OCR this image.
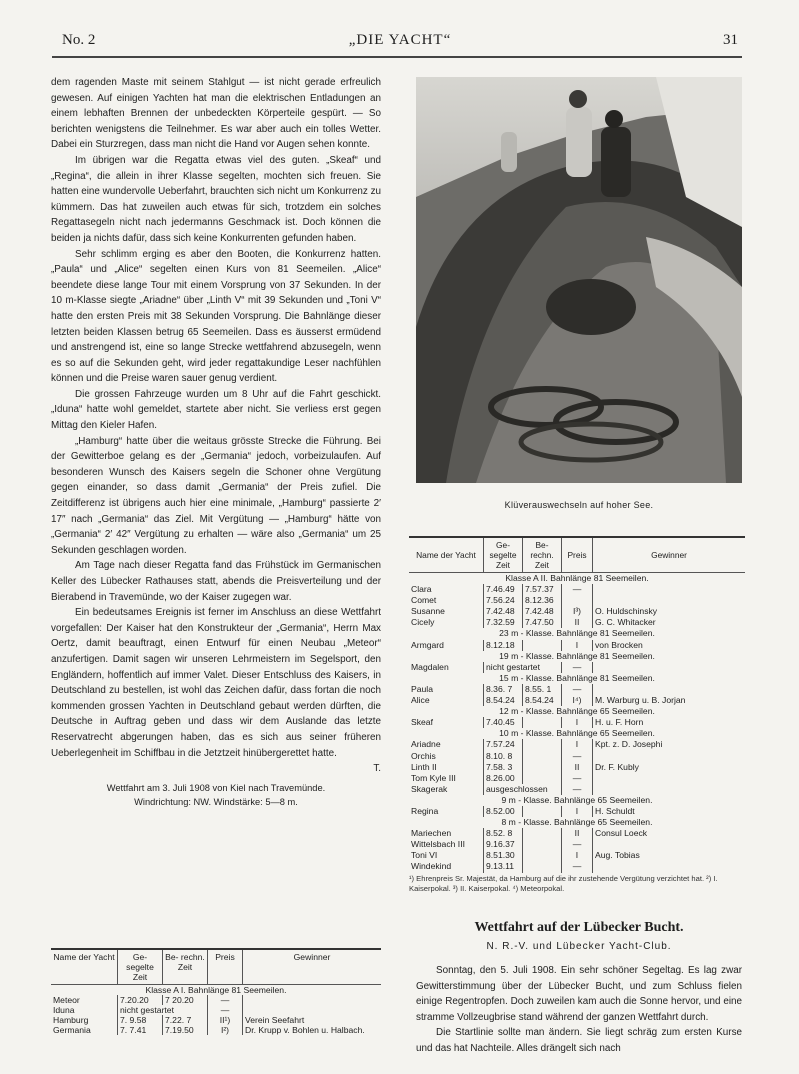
No. 2	„DIE YACHT“	31

dem ragenden Maste mit seinem Stahlgut — ist nicht gerade erfreulich gewesen. Auf einigen Yachten hat man die elektrischen Entladungen an einem lebhaften Brennen der unbedeckten Körperteile gespürt. — So berichten wenigstens die Teilnehmer. Es war aber auch ein tolles Wetter. Dabei ein Sturzregen, dass man nicht die Hand vor Augen sehen konnte.

Im übrigen war die Regatta etwas viel des guten. „Skeaf“ und „Regina“, die allein in ihrer Klasse segelten, mochten sich freuen. Sie hatten eine wundervolle Ueberfahrt, brauchten sich nicht um Konkurrenz zu kümmern. Das hat zuweilen auch etwas für sich, trotzdem ein solches Regattasegeln nicht nach jedermanns Geschmack ist. Doch können die beiden ja nichts dafür, dass sich keine Konkurrenten gefunden haben.

Sehr schlimm erging es aber den Booten, die Konkurrenz hatten. „Paula“ und „Alice“ segelten einen Kurs von 81 Seemeilen. „Alice“ beendete diese lange Tour mit einem Vorsprung von 37 Sekunden. In der 10 m-Klasse siegte „Ariadne“ über „Linth V“ mit 39 Sekunden und „Toni V“ hatte den ersten Preis mit 38 Sekunden Vorsprung. Die Bahnlänge dieser letzten beiden Klassen betrug 65 Seemeilen. Dass es äusserst ermüdend und anstrengend ist, eine so lange Strecke wettfahrend abzusegeln, wenn es so auf die Sekunden geht, wird jeder regattakundige Leser nachfühlen können und die Preise waren sauer genug verdient.

Die grossen Fahrzeuge wurden um 8 Uhr auf die Fahrt geschickt. „Iduna“ hatte wohl gemeldet, startete aber nicht. Sie verliess erst gegen Mittag den Kieler Hafen.

„Hamburg“ hatte über die weitaus grösste Strecke die Führung. Bei der Gewitterboe gelang es der „Germania“ jedoch, vorbeizulaufen. Auf besonderen Wunsch des Kaisers segeln die Schoner ohne Vergütung gegen einander, so dass damit „Germania“ der Preis zufiel. Die Zeitdifferenz ist übrigens auch hier eine minimale, „Hamburg“ passierte 2′ 17″ nach „Germania“ das Ziel. Mit Vergütung — „Hamburg“ hätte von „Germania“ 2′ 42″ Vergütung zu erhalten — wäre also „Germania“ um 25 Sekunden geschlagen worden.

Am Tage nach dieser Regatta fand das Frühstück im Germanischen Keller des Lübecker Rathauses statt, abends die Preisverteilung und der Bierabend in Travemünde, wo der Kaiser zugegen war.

Ein bedeutsames Ereignis ist ferner im Anschluss an diese Wettfahrt vorgefallen: Der Kaiser hat den Konstrukteur der „Germania“, Herrn Max Oertz, damit beauftragt, einen Entwurf für einen Neubau „Meteor“ anzufertigen. Damit sagen wir unseren Lehrmeistern im Segelsport, den Engländern, hoffentlich auf immer Valet. Dieser Entschluss des Kaisers, in Deutschland zu bestellen, ist wohl das Zeichen dafür, dass fortan die noch kommenden grossen Yachten in Deutschland gebaut werden dürften, die Deutsche in Auftrag geben und dass wir dem Auslande das letzte Reservatrecht abgerungen haben, das es sich aus seiner früheren Ueberlegenheit im Schiffbau in die Jetztzeit hinübergerettet hatte.

T.

Wettfahrt am 3. Juli 1908 von Kiel nach Travemünde.
Windrichtung: NW. Windstärke: 5—8 m.
Name der Yacht	Ge- segelte Zeit	Be- rechn. Zeit	Preis	Gewinner
Klasse A I. Bahnlänge 81 Seemeilen.				
Meteor	7.20.20	7 20.20	—	
Iduna	nicht gestartet		—	
Hamburg	7. 9.58	7.22. 7	II¹)	Verein Seefahrt
Germania	7. 7.41	7.19.50	I²)	Dr. Krupp v. Bohlen u. Halbach.
Klüverauswechseln auf hoher See.
Name der Yacht	Ge- segelte Zeit	Be- rechn. Zeit	Preis	Gewinner
Klasse A II. Bahnlänge 81 Seemeilen.				
Clara	7.46.49	7.57.37	—	
Comet	7.56.24	8.12.36		
Susanne	7.42.48	7.42.48	I³)	O. Huldschinsky
Cicely	7.32.59	7.47.50	II	G. C. Whitacker
23 m - Klasse. Bahnlänge 81 Seemeilen.				
Armgard	8.12.18		I	von Brocken
19 m - Klasse. Bahnlänge 81 Seemeilen.				
Magdalen	nicht gestartet		—	
15 m - Klasse. Bahnlänge 81 Seemeilen.				
Paula	8.36. 7	8.55. 1	—	
Alice	8.54.24	8.54.24	I⁴)	M. Warburg u. B. Jorjan
12 m - Klasse. Bahnlänge 65 Seemeilen.				
Skeaf	7.40.45		I	H. u. F. Horn
10 m - Klasse. Bahnlänge 65 Seemeilen.				
Ariadne	7.57.24		I	Kpt. z. D. Josephi
Orchis	8.10. 8		—	
Linth II	7.58. 3		II	Dr. F. Kubly
Tom Kyle III	8.26.00		—	
Skagerak	ausgeschlossen		—	
9 m - Klasse. Bahnlänge 65 Seemeilen.				
Regina	8.52.00		I	H. Schuldt
8 m - Klasse. Bahnlänge 65 Seemeilen.				
Mariechen	8.52. 8		II	Consul Loeck
Wittelsbach III	9.16.37		—	
Toni VI	8.51.30		I	Aug. Tobias
Windekind	9.13.11		—	
¹) Ehrenpreis Sr. Majestät, da Hamburg auf die ihr zustehende Vergütung verzichtet hat. ²) I. Kaiserpokal. ³) II. Kaiserpokal. ⁴) Meteorpokal.
Wettfahrt auf der Lübecker Bucht.
N. R.-V. und Lübecker Yacht-Club.

Sonntag, den 5. Juli 1908. Ein sehr schöner Segeltag. Es lag zwar Gewitterstimmung über der Lübecker Bucht, und zum Schluss fielen einige Regentropfen. Doch zuweilen kam auch die Sonne hervor, und eine stramme Vollzeugbrise stand während der ganzen Wettfahrt durch.

Die Startlinie sollte man ändern. Sie liegt schräg zum ersten Kurse und das hat Nachteile. Alles drängelt sich nach
